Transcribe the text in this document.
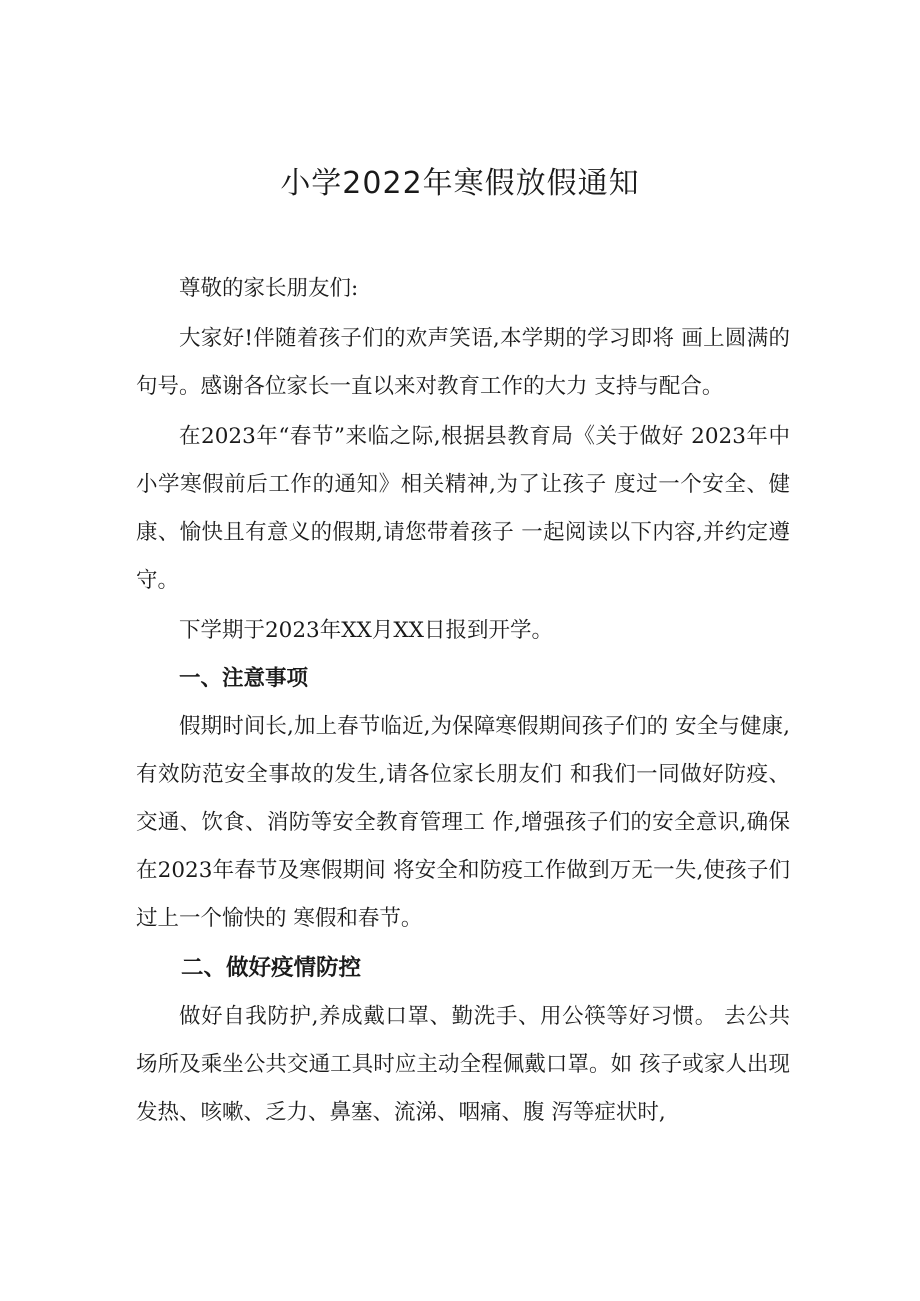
小学2022年寒假放假通知

尊敬的家长朋友们:

大家好!伴随着孩子们的欢声笑语,本学期的学习即将 画上圆满的句号。感谢各位家长一直以来对教育工作的大力 支持与配合。

在2023年“春节”来临之际,根据县教育局《关于做好 2023年中小学寒假前后工作的通知》相关精神,为了让孩子 度过一个安全、健康、愉快且有意义的假期,请您带着孩子 一起阅读以下内容,并约定遵守。

下学期于2023年XX月XX日报到开学。

一、注意事项

假期时间长,加上春节临近,为保障寒假期间孩子们的 安全与健康,有效防范安全事故的发生,请各位家长朋友们 和我们一同做好防疫、交通、饮食、消防等安全教育管理工 作,增强孩子们的安全意识,确保在2023年春节及寒假期间 将安全和防疫工作做到万无一失,使孩子们过上一个愉快的 寒假和春节。

二、做好疫情防控

做好自我防护,养成戴口罩、勤洗手、用公筷等好习惯。 去公共场所及乘坐公共交通工具时应主动全程佩戴口罩。如 孩子或家人出现发热、咳嗽、乏力、鼻塞、流涕、咽痛、腹 泻等症状时,
